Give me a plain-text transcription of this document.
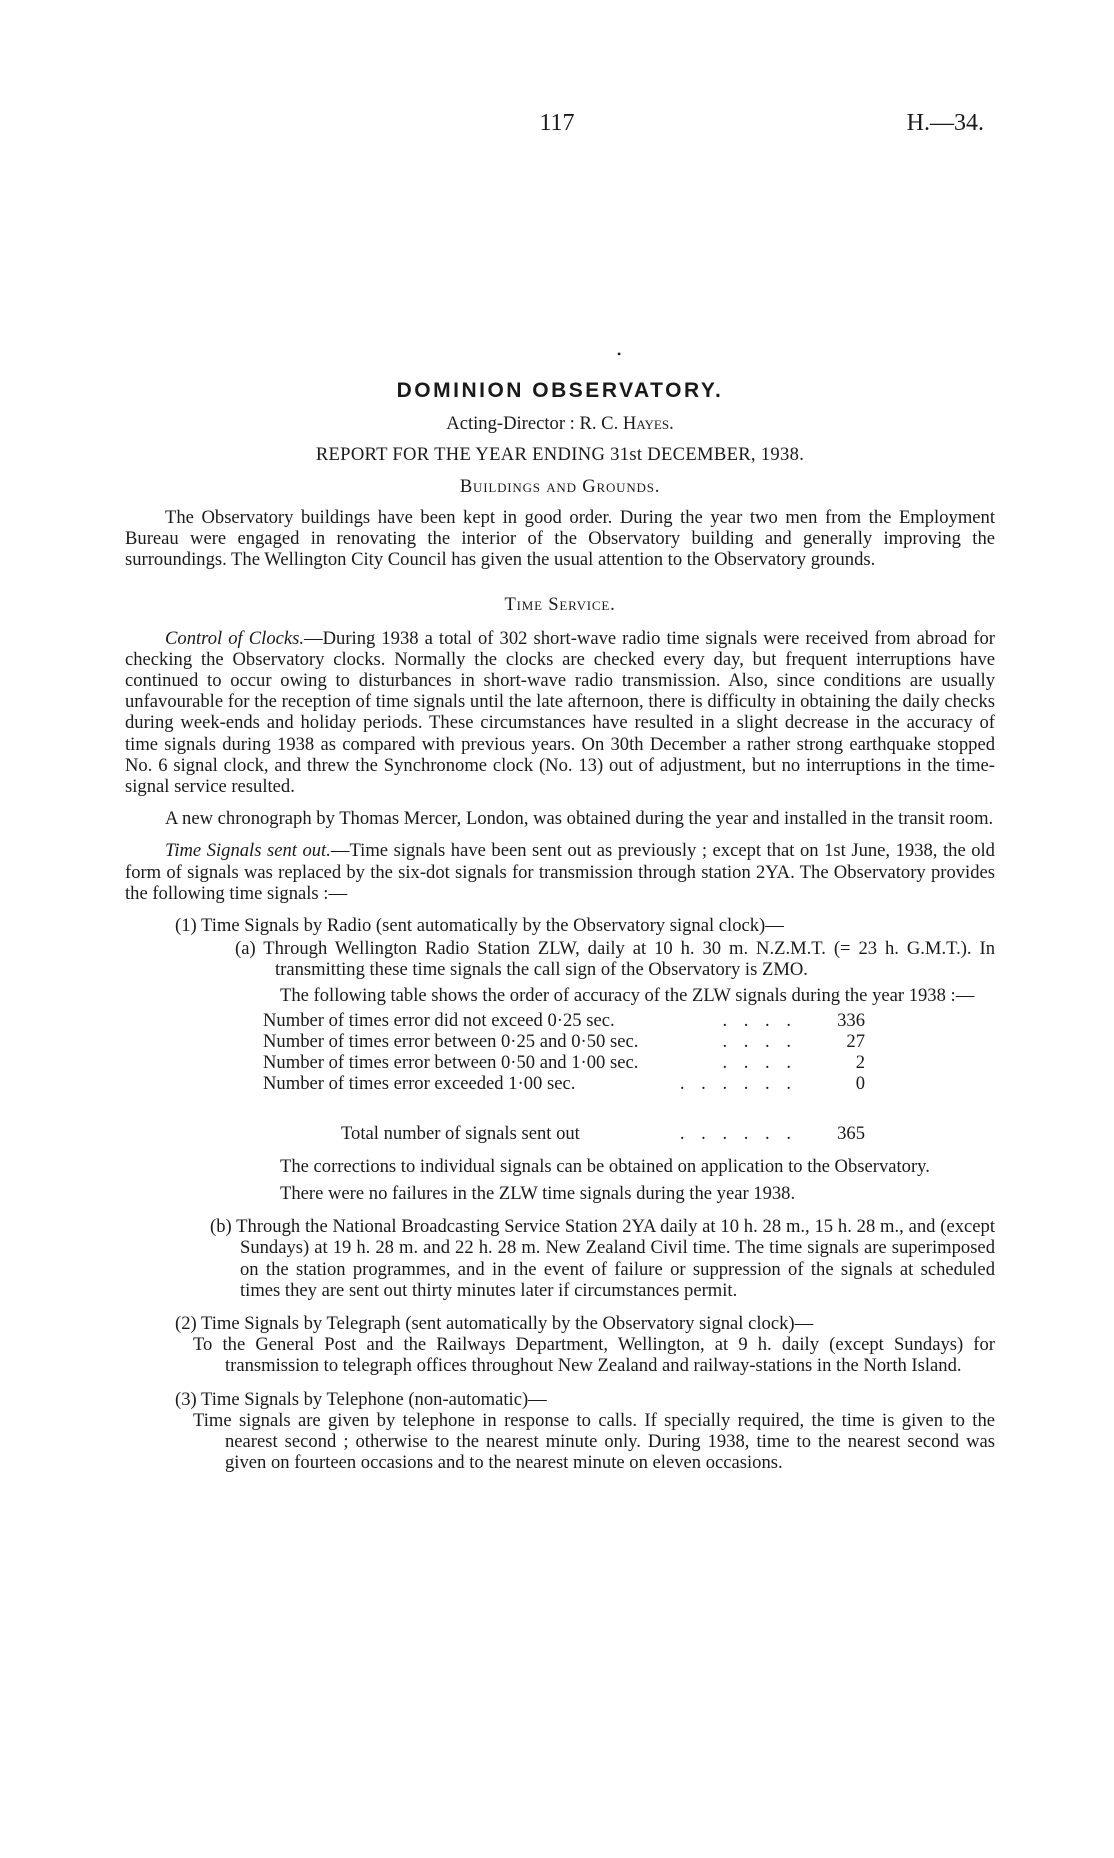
117	H.—34.
•
DOMINION OBSERVATORY.
Acting-Director : R. C. Hayes.
REPORT FOR THE YEAR ENDING 31st DECEMBER, 1938.
Buildings and Grounds.

The Observatory buildings have been kept in good order. During the year two men from the Employment Bureau were engaged in renovating the interior of the Observatory building and generally improving the surroundings. The Wellington City Council has given the usual attention to the Observatory grounds.

Time Service.

Control of Clocks.—During 1938 a total of 302 short-wave radio time signals were received from abroad for checking the Observatory clocks. Normally the clocks are checked every day, but frequent interruptions have continued to occur owing to disturbances in short-wave radio transmission. Also, since conditions are usually unfavourable for the reception of time signals until the late afternoon, there is difficulty in obtaining the daily checks during week-ends and holiday periods. These circumstances have resulted in a slight decrease in the accuracy of time signals during 1938 as compared with previous years. On 30th December a rather strong earthquake stopped No. 6 signal clock, and threw the Synchronome clock (No. 13) out of adjustment, but no interruptions in the time-signal service resulted.

A new chronograph by Thomas Mercer, London, was obtained during the year and installed in the transit room.

Time Signals sent out.—Time signals have been sent out as previously ; except that on 1st June, 1938, the old form of signals was replaced by the six-dot signals for transmission through station 2YA. The Observatory provides the following time signals :—

(1) Time Signals by Radio (sent automatically by the Observatory signal clock)—

(a) Through Wellington Radio Station ZLW, daily at 10 h. 30 m. N.Z.M.T. (= 23 h. G.M.T.). In transmitting these time signals the call sign of the Observatory is ZMO.

The following table shows the order of accuracy of the ZLW signals during the year 1938 :—

Number of times error did not exceed 0·25 sec.	. . . .	336
Number of times error between 0·25 and 0·50 sec.	. . . .	27
Number of times error between 0·50 and 1·00 sec.	. . . .	2
Number of times error exceeded 1·00 sec.	. . . . . .	0
Total number of signals sent out	. . . . . .	365

The corrections to individual signals can be obtained on application to the Observatory.

There were no failures in the ZLW time signals during the year 1938.

(b) Through the National Broadcasting Service Station 2YA daily at 10 h. 28 m., 15 h. 28 m., and (except Sundays) at 19 h. 28 m. and 22 h. 28 m. New Zealand Civil time. The time signals are superimposed on the station programmes, and in the event of failure or suppression of the signals at scheduled times they are sent out thirty minutes later if circumstances permit.

(2) Time Signals by Telegraph (sent automatically by the Observatory signal clock)—

To the General Post and the Railways Department, Wellington, at 9 h. daily (except Sundays) for transmission to telegraph offices throughout New Zealand and railway-stations in the North Island.

(3) Time Signals by Telephone (non-automatic)—

Time signals are given by telephone in response to calls. If specially required, the time is given to the nearest second ; otherwise to the nearest minute only. During 1938, time to the nearest second was given on fourteen occasions and to the nearest minute on eleven occasions.
